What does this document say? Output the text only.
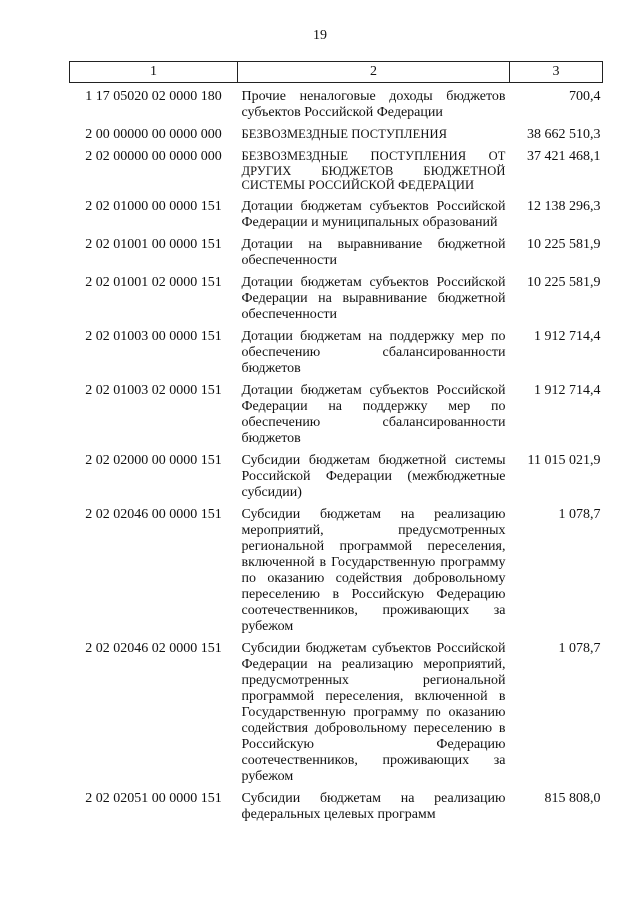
19
1	2	3

1 17 05020 02 0000 180	Прочие неналоговые доходы бюджетов субъектов Российской Федерации	700,4

2 00 00000 00 0000 000	БЕЗВОЗМЕЗДНЫЕ ПОСТУПЛЕНИЯ	38 662 510,3

2 02 00000 00 0000 000	БЕЗВОЗМЕЗДНЫЕ ПОСТУПЛЕНИЯ ОТ ДРУГИХ БЮДЖЕТОВ БЮДЖЕТНОЙ СИСТЕМЫ РОССИЙСКОЙ ФЕДЕРАЦИИ	37 421 468,1

2 02 01000 00 0000 151	Дотации бюджетам субъектов Российской Федерации и муниципальных образований	12 138 296,3

2 02 01001 00 0000 151	Дотации на выравнивание бюджетной обеспеченности	10 225 581,9

2 02 01001 02 0000 151	Дотации бюджетам субъектов Российской Федерации на выравнивание бюджетной обеспеченности	10 225 581,9

2 02 01003 00 0000 151	Дотации бюджетам на поддержку мер по обеспечению сбалансированности бюджетов	1 912 714,4

2 02 01003 02 0000 151	Дотации бюджетам субъектов Российской Федерации на поддержку мер по обеспечению сбалансированности бюджетов	1 912 714,4

2 02 02000 00 0000 151	Субсидии бюджетам бюджетной системы Российской Федерации (межбюджетные субсидии)	11 015 021,9

2 02 02046 00 0000 151	Субсидии бюджетам на реализацию мероприятий, предусмотренных региональной программой переселения, включенной в Государственную программу по оказанию содействия добровольному переселению в Российскую Федерацию соотечественников, проживающих за рубежом	1 078,7

2 02 02046 02 0000 151	Субсидии бюджетам субъектов Российской Федерации на реализацию мероприятий, предусмотренных региональной программой переселения, включенной в Государственную программу по оказанию содействия добровольному переселению в Российскую Федерацию соотечественников, проживающих за рубежом	1 078,7

2 02 02051 00 0000 151	Субсидии бюджетам на реализацию федеральных целевых программ	815 808,0
